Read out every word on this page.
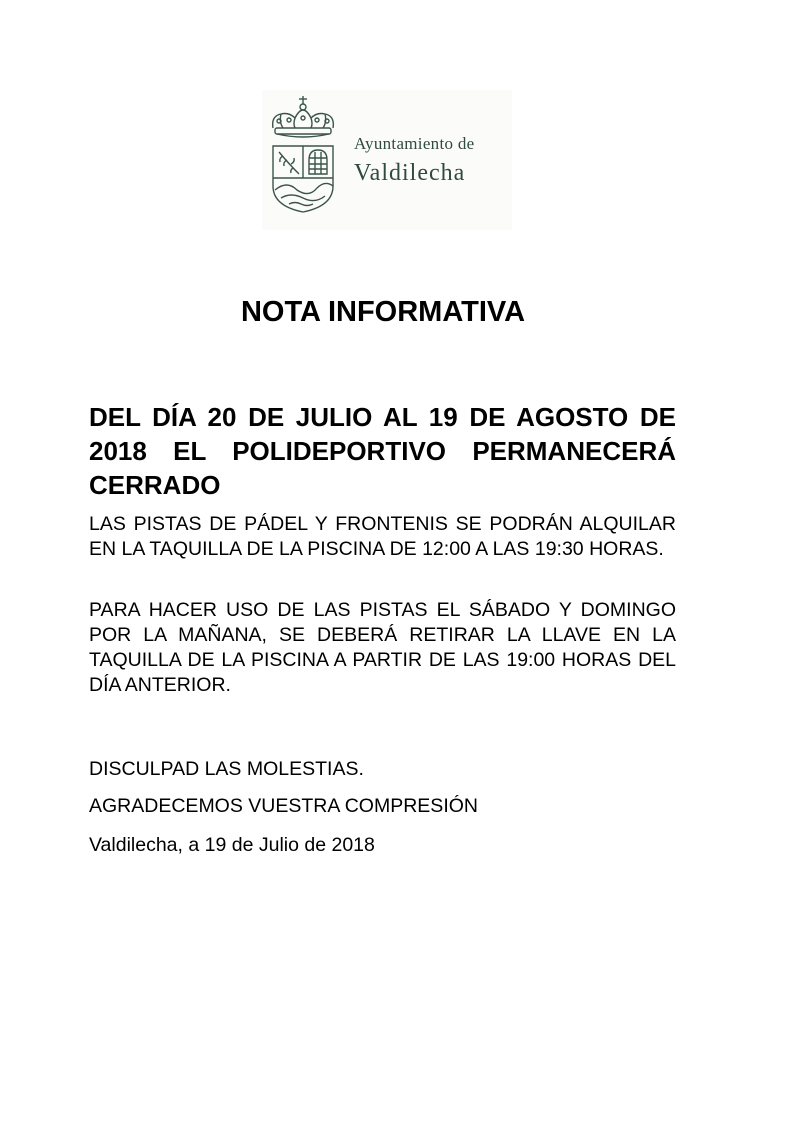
Ayuntamiento de
Valdilecha
NOTA INFORMATIVA
DEL DÍA 20 DE JULIO AL 19 DE AGOSTO DE 2018 EL POLIDEPORTIVO PERMANECERÁ CERRADO

LAS PISTAS DE PÁDEL Y FRONTENIS SE PODRÁN ALQUILAR EN LA TAQUILLA DE LA PISCINA DE 12:00 A LAS 19:30 HORAS.

PARA HACER USO DE LAS PISTAS EL SÁBADO Y DOMINGO POR LA MAÑANA, SE DEBERÁ RETIRAR LA LLAVE EN LA TAQUILLA DE LA PISCINA A PARTIR DE LAS 19:00 HORAS DEL DÍA ANTERIOR.

DISCULPAD LAS MOLESTIAS.
AGRADECEMOS VUESTRA COMPRESIÓN
Valdilecha, a 19 de Julio de 2018
